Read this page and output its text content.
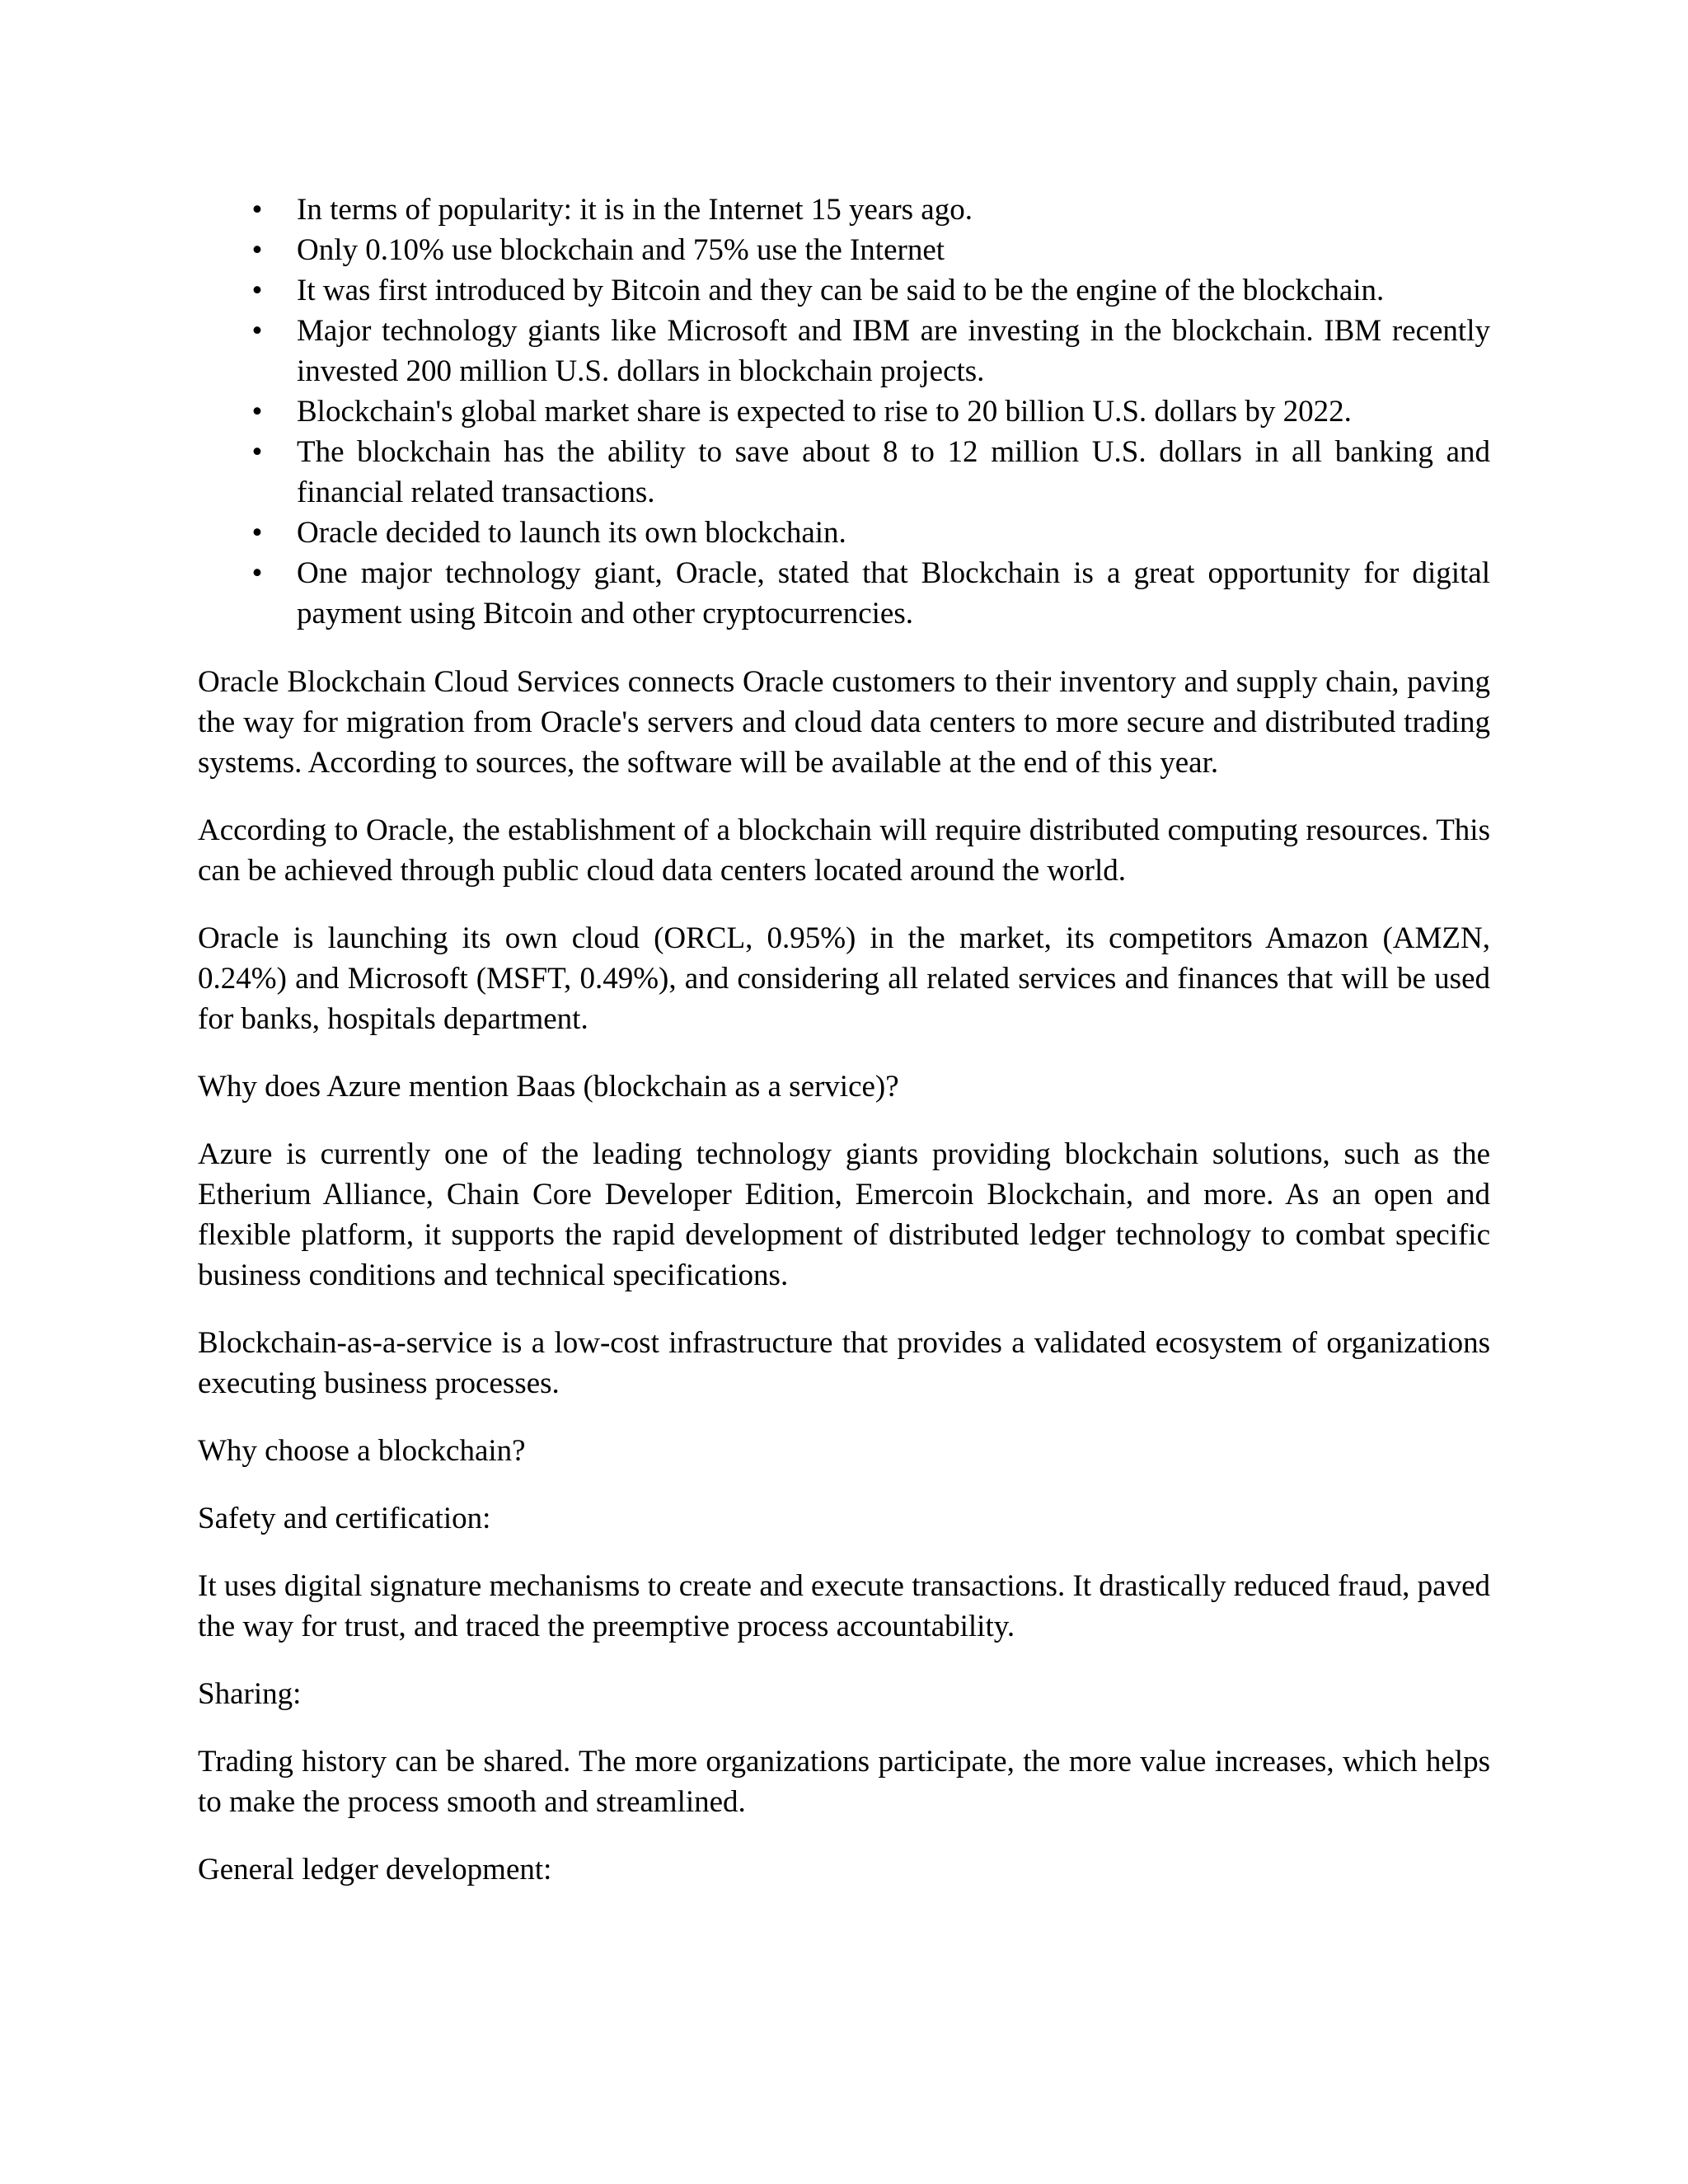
• In terms of popularity: it is in the Internet 15 years ago.
• Only 0.10% use blockchain and 75% use the Internet
• It was first introduced by Bitcoin and they can be said to be the engine of the blockchain.
• Major technology giants like Microsoft and IBM are investing in the blockchain. IBM recently invested 200 million U.S. dollars in blockchain projects.
• Blockchain's global market share is expected to rise to 20 billion U.S. dollars by 2022.
• The blockchain has the ability to save about 8 to 12 million U.S. dollars in all banking and financial related transactions.
• Oracle decided to launch its own blockchain.
• One major technology giant, Oracle, stated that Blockchain is a great opportunity for digital payment using Bitcoin and other cryptocurrencies.

Oracle Blockchain Cloud Services connects Oracle customers to their inventory and supply chain, paving the way for migration from Oracle's servers and cloud data centers to more secure and distributed trading systems. According to sources, the software will be available at the end of this year.

According to Oracle, the establishment of a blockchain will require distributed computing resources. This can be achieved through public cloud data centers located around the world.

Oracle is launching its own cloud (ORCL, 0.95%) in the market, its competitors Amazon (AMZN, 0.24%) and Microsoft (MSFT, 0.49%), and considering all related services and finances that will be used for banks, hospitals department.

Why does Azure mention Baas (blockchain as a service)?

Azure is currently one of the leading technology giants providing blockchain solutions, such as the Etherium Alliance, Chain Core Developer Edition, Emercoin Blockchain, and more. As an open and flexible platform, it supports the rapid development of distributed ledger technology to combat specific business conditions and technical specifications.

Blockchain-as-a-service is a low-cost infrastructure that provides a validated ecosystem of organizations executing business processes.

Why choose a blockchain?

Safety and certification:

It uses digital signature mechanisms to create and execute transactions. It drastically reduced fraud, paved the way for trust, and traced the preemptive process accountability.

Sharing:

Trading history can be shared. The more organizations participate, the more value increases, which helps to make the process smooth and streamlined.

General ledger development:
